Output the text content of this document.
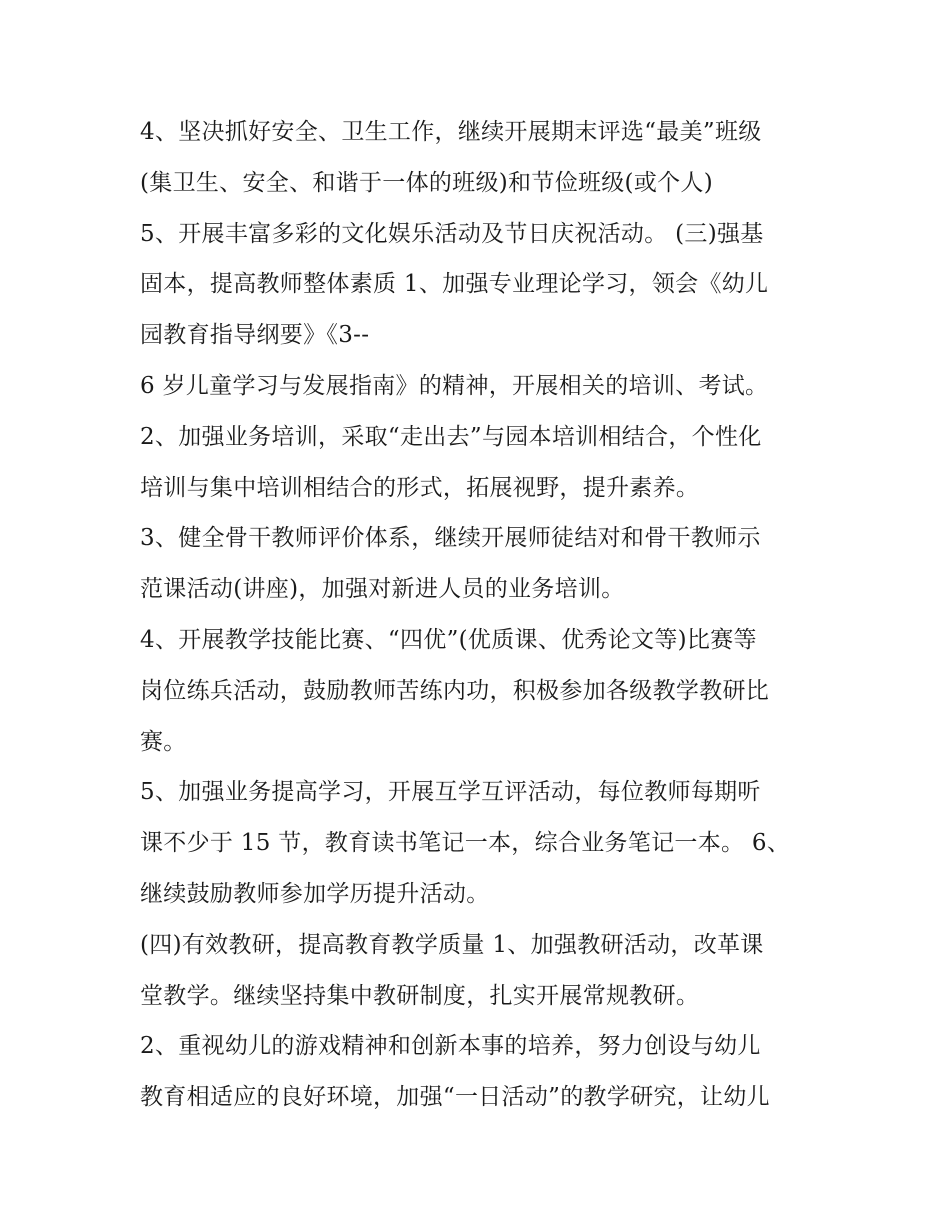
4、坚决抓好安全、卫生工作，继续开展期末评选“最美”班级
(集卫生、安全、和谐于一体的班级)和节俭班级(或个人)
5、开展丰富多彩的文化娱乐活动及节日庆祝活动。 (三)强基
固本，提高教师整体素质 1、加强专业理论学习，领会《幼儿
园教育指导纲要》《3--
6 岁儿童学习与发展指南》的精神，开展相关的培训、考试。
2、加强业务培训，采取“走出去”与园本培训相结合，个性化
培训与集中培训相结合的形式，拓展视野，提升素养。
3、健全骨干教师评价体系，继续开展师徒结对和骨干教师示
范课活动(讲座)，加强对新进人员的业务培训。
4、开展教学技能比赛、“四优”(优质课、优秀论文等)比赛等
岗位练兵活动，鼓励教师苦练内功，积极参加各级教学教研比
赛。
5、加强业务提高学习，开展互学互评活动，每位教师每期听
课不少于 15 节，教育读书笔记一本，综合业务笔记一本。 6、
继续鼓励教师参加学历提升活动。
(四)有效教研，提高教育教学质量 1、加强教研活动，改革课
堂教学。继续坚持集中教研制度，扎实开展常规教研。
2、重视幼儿的游戏精神和创新本事的培养，努力创设与幼儿
教育相适应的良好环境，加强“一日活动”的教学研究，让幼儿
